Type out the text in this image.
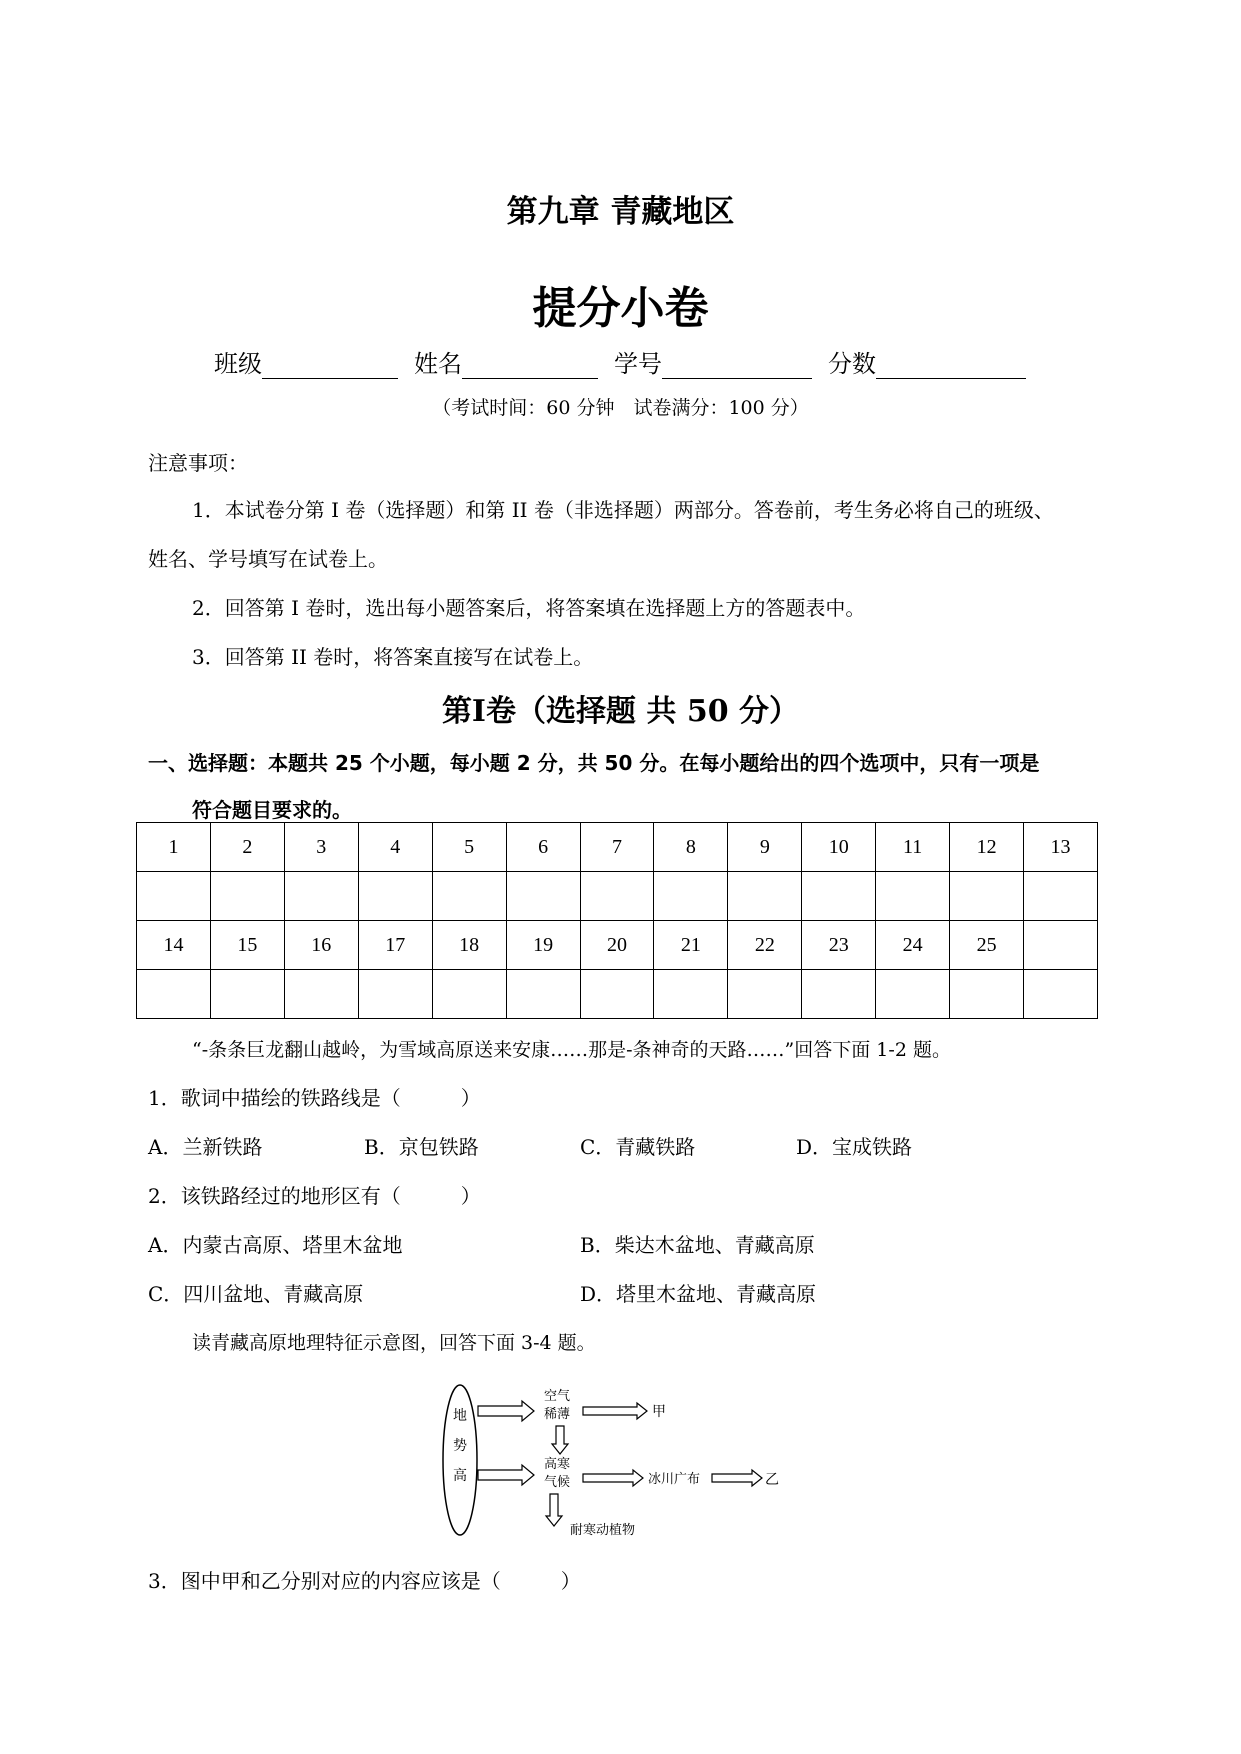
第九章 青藏地区
提分小卷
班级	姓名	学号	分数
（考试时间：60 分钟　试卷满分：100 分）
注意事项：
1．本试卷分第 I 卷（选择题）和第 II 卷（非选择题）两部分。答卷前，考生务必将自己的班级、
姓名、学号填写在试卷上。
2．回答第 I 卷时，选出每小题答案后，将答案填在选择题上方的答题表中。
3．回答第 II 卷时，将答案直接写在试卷上。
第I卷（选择题 共 50 分）
一、选择题：本题共 25 个小题，每小题 2 分，共 50 分。在每小题给出的四个选项中，只有一项是
符合题目要求的。
1	2	3	4	5	6	7	8	9	10	11	12	13

14	15	16	17	18	19	20	21	22	23	24	25	

“-条条巨龙翻山越岭，为雪域高原送来安康……那是-条神奇的天路……”回答下面 1-2 题。
1．歌词中描绘的铁路线是（　　　）
A．兰新铁路	B．京包铁路	C．青藏铁路	D．宝成铁路
2．该铁路经过的地形区有（　　　）
A．内蒙古高原、塔里木盆地	B．柴达木盆地、青藏高原
C．四川盆地、青藏高原	D．塔里木盆地、青藏高原
读青藏高原地理特征示意图，回答下面 3-4 题。
地
势
高
空气
稀薄	甲
高寒
气候	冰川广布	乙
耐寒动植物
3．图中甲和乙分别对应的内容应该是（　　　）
